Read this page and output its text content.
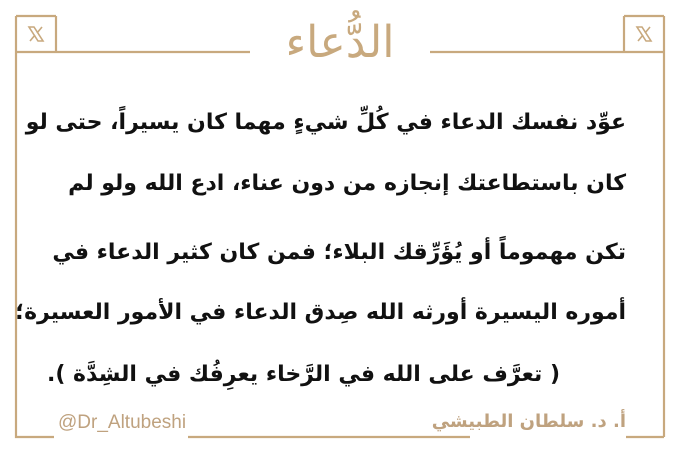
الدُّعاء
عوِّد نفسك الدعاء في كُلِّ شيءٍ مهما كان يسيراً، حتى لو
كان باستطاعتك إنجازه من دون عناء، ادع الله ولو لم
تكن مهموماً أو يُؤَرِّقك البلاء؛ فمن كان كثير الدعاء في
أموره اليسيرة أورثه الله صِدق الدعاء في الأمور العسيرة؛
( تعرَّف على الله في الرَّخاء يعرِفُك في الشِدَّة ).
@Dr_Altubeshi	أ. د. سلطان الطبيشي
